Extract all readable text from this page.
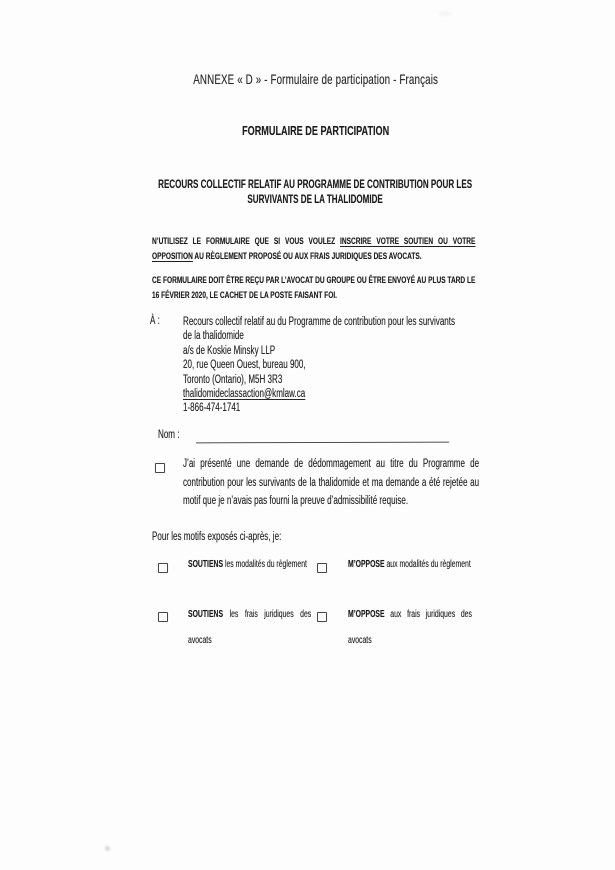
ANNEXE « D » - Formulaire de participation - Français
FORMULAIRE DE PARTICIPATION
RECOURS COLLECTIF RELATIF AU PROGRAMME DE CONTRIBUTION POUR LES SURVIVANTS DE LA THALIDOMIDE
N’UTILISEZ LE FORMULAIRE QUE SI VOUS VOULEZ INSCRIRE VOTRE SOUTIEN OU VOTRE OPPOSITION AU RÈGLEMENT PROPOSÉ OU AUX FRAIS JURIDIQUES DES AVOCATS.
CE FORMULAIRE DOIT ÊTRE REÇU PAR L’AVOCAT DU GROUPE OU ÊTRE ENVOYÉ AU PLUS TARD LE 16 FÉVRIER 2020, LE CACHET DE LA POSTE FAISANT FOI.
À : Recours collectif relatif au du Programme de contribution pour les survivants
de la thalidomide
a/s de Koskie Minsky LLP
20, rue Queen Ouest, bureau 900,
Toronto (Ontario), M5H 3R3
thalidomideclassaction@kmlaw.ca
1-866-474-1741
Nom :
J’ai présenté une demande de dédommagement au titre du Programme de contribution pour les survivants de la thalidomide et ma demande a été rejetée au motif que je n’avais pas fourni la preuve d’admissibilité requise.
Pour les motifs exposés ci-après, je:
SOUTIENS les modalités du règlement	M’OPPOSE aux modalités du règlement
SOUTIENS les frais juridiques des avocats
M’OPPOSE aux frais juridiques des avocats
